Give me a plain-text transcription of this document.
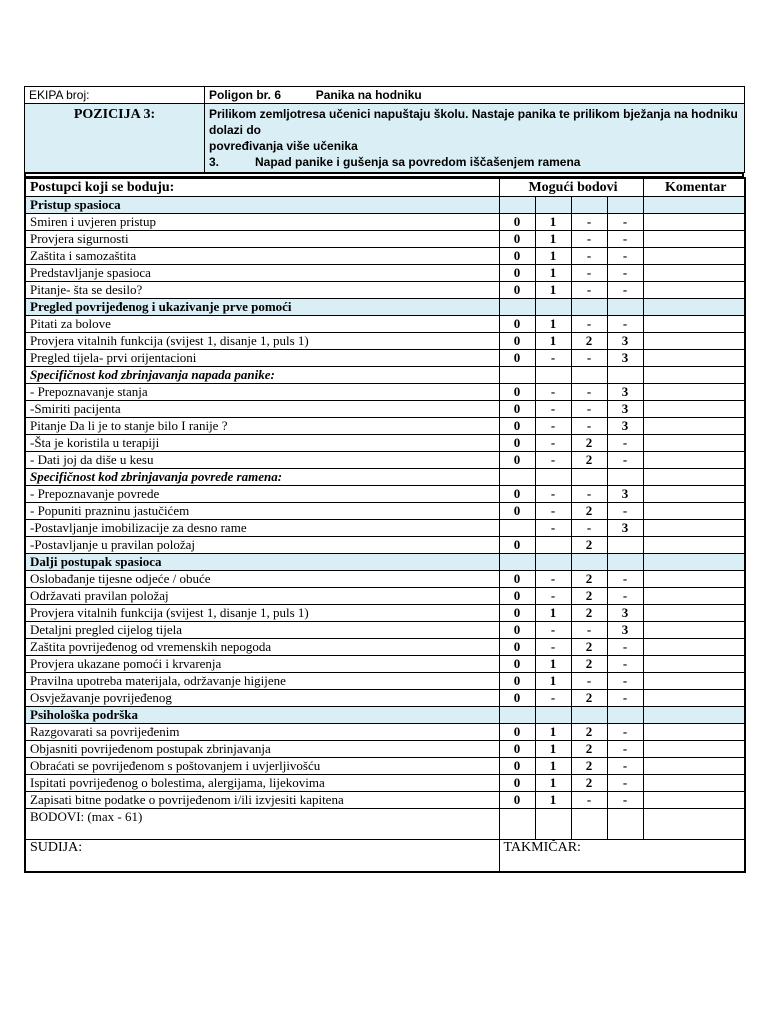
EKIPA broj:	Poligon br. 6 Panika na hodniku
POZICIJA 3:	Prilikom zemljotresa učenici napuštaju školu. Nastaje panika te prilikom bježanja na hodniku dolazi do
povređivanja više učenika
3. Napad panike i gušenja sa povredom iščašenjem ramena
Postupci koji se boduju:	Mogući bodovi				Komentar
Pristup spasioca					
Smiren i uvjeren pristup	0	1	-	-	
Provjera sigurnosti	0	1	-	-	
Zaštita i samozaštita	0	1	-	-	
Predstavljanje spasioca	0	1	-	-	
Pitanje- šta se desilo?	0	1	-	-	
Pregled povrijeđenog i ukazivanje prve pomoći					
Pitati za bolove	0	1	-	-	
Provjera vitalnih funkcija (svijest 1, disanje 1, puls 1)	0	1	2	3	
Pregled tijela- prvi orijentacioni	0	-	-	3	
Specifičnost kod zbrinjavanja napada panike:					
- Prepoznavanje stanja	0	-	-	3	
-Smiriti pacijenta	0	-	-	3	
Pitanje Da li je to stanje bilo I ranije ?	0	-	-	3	
-Šta je koristila u terapiji	0	-	2	-	
- Dati joj da diše u kesu	0	-	2	-	
Specifičnost kod zbrinjavanja povrede ramena:					
- Prepoznavanje povrede	0	-	-	3	
- Popuniti prazninu jastučićem	0	-	2	-	
-Postavljanje imobilizacije za desno rame		-	-	3	
-Postavljanje u pravilan položaj	0		2		
Dalji postupak spasioca					
Oslobađanje tijesne odjeće / obuće	0	-	2	-	
Održavati pravilan položaj	0	-	2	-	
Provjera vitalnih funkcija (svijest 1, disanje 1, puls 1)	0	1	2	3	
Detaljni pregled cijelog tijela	0	-	-	3	
Zaštita povrijeđenog od vremenskih nepogoda	0	-	2	-	
Provjera ukazane pomoći i krvarenja	0	1	2	-	
Pravilna upotreba materijala, održavanje higijene	0	1	-	-	
Osvježavanje povrijeđenog	0	-	2	-	
Psihološka podrška					
Razgovarati sa povrijeđenim	0	1	2	-	
Objasniti povrijeđenom postupak zbrinjavanja	0	1	2	-	
Obraćati se povrijeđenom s poštovanjem i uvjerljivošću	0	1	2	-	
Ispitati povrijeđenog o bolestima, alergijama, lijekovima	0	1	2	-	
Zapisati bitne podatke o povrijeđenom i/ili izvjesiti kapitena	0	1	-	-	
BODOVI: (max - 61)					
SUDIJA:	TAKMIČAR:				
